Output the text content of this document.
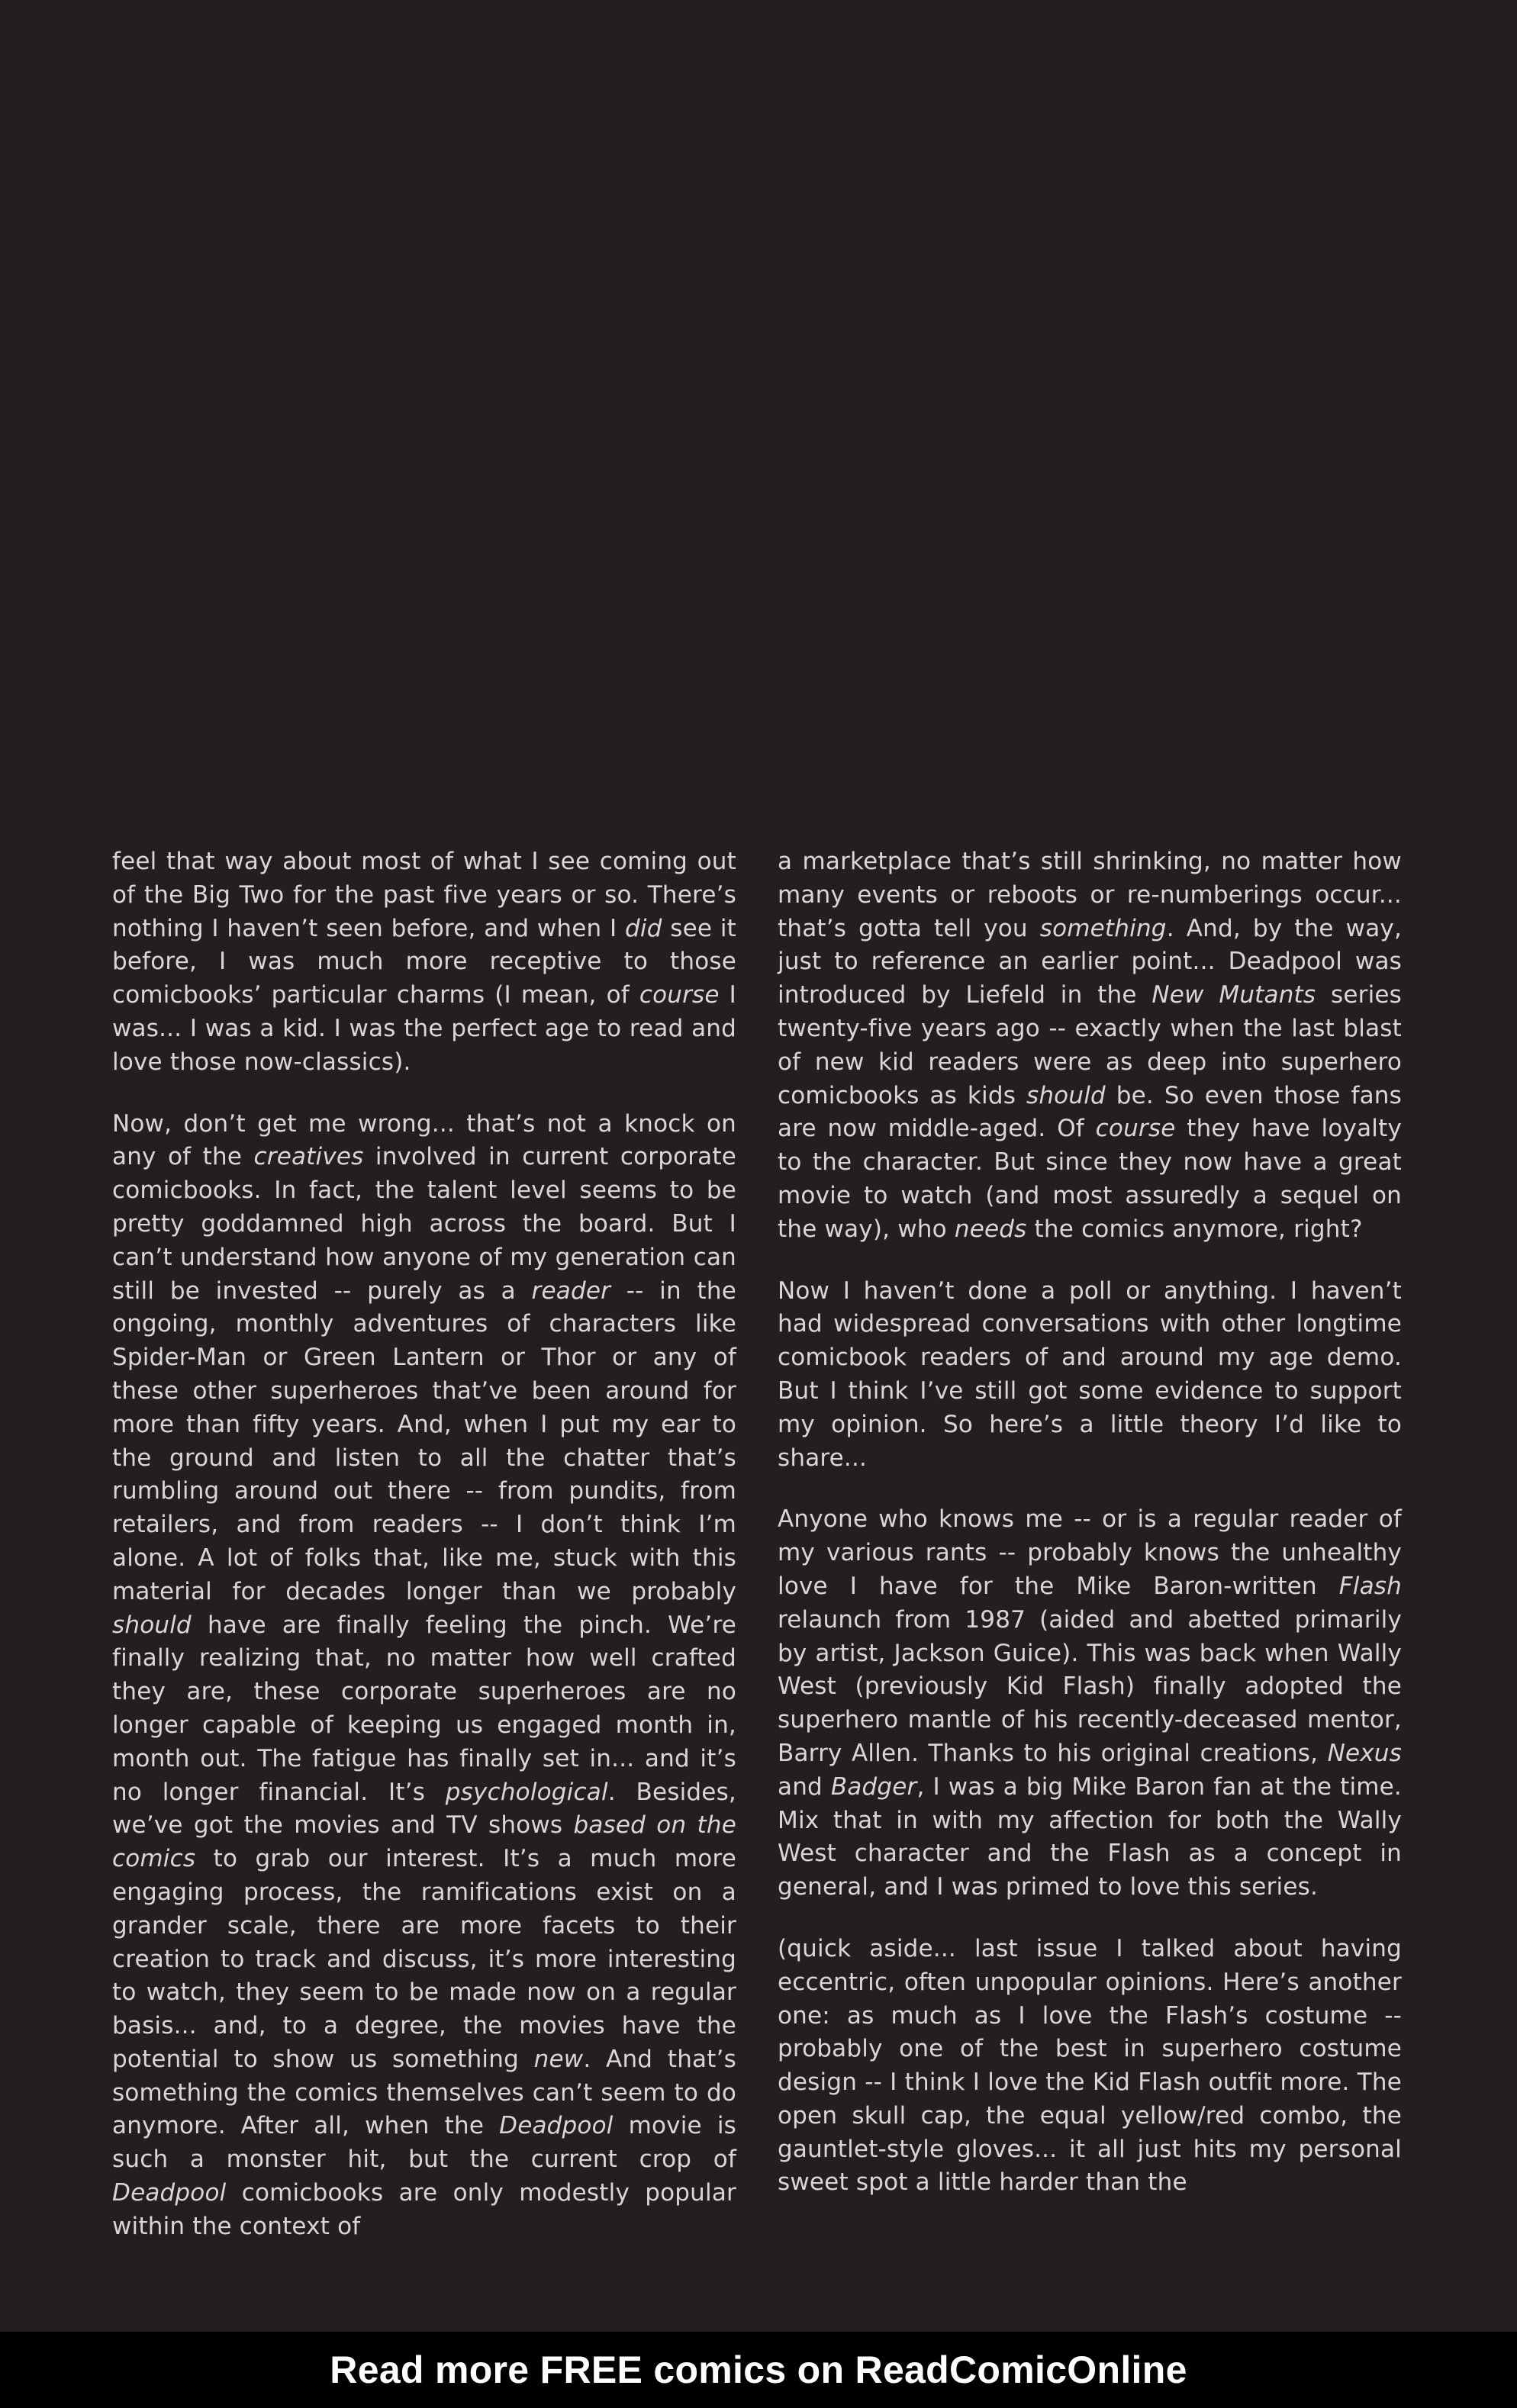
feel that way about most of what I see coming out of the Big Two for the past five years or so. There’s nothing I haven’t seen before, and when I did see it before, I was much more receptive to those comicbooks’ particular charms (I mean, of course I was... I was a kid. I was the perfect age to read and love those now-classics).

Now, don’t get me wrong... that’s not a knock on any of the creatives involved in current corporate comicbooks. In fact, the talent level seems to be pretty goddamned high across the board. But I can’t understand how anyone of my generation can still be invested -- purely as a reader -- in the ongoing, monthly adventures of characters like Spider-Man or Green Lantern or Thor or any of these other superheroes that’ve been around for more than fifty years. And, when I put my ear to the ground and listen to all the chatter that’s rumbling around out there -- from pundits, from retailers, and from readers -- I don’t think I’m alone. A lot of folks that, like me, stuck with this material for decades longer than we probably should have are finally feeling the pinch. We’re finally realizing that, no matter how well crafted they are, these corporate superheroes are no longer capable of keeping us engaged month in, month out. The fatigue has finally set in... and it’s no longer financial. It’s psychological. Besides, we’ve got the movies and TV shows based on the comics to grab our interest. It’s a much more engaging process, the ramifications exist on a grander scale, there are more facets to their creation to track and discuss, it’s more interesting to watch, they seem to be made now on a regular basis... and, to a degree, the movies have the potential to show us something new. And that’s something the comics themselves can’t seem to do anymore. After all, when the Deadpool movie is such a monster hit, but the current crop of Deadpool comicbooks are only modestly popular within the context of

a marketplace that’s still shrinking, no matter how many events or reboots or re-numberings occur... that’s gotta tell you something. And, by the way, just to reference an earlier point... Deadpool was introduced by Liefeld in the New Mutants series twenty-five years ago -- exactly when the last blast of new kid readers were as deep into superhero comicbooks as kids should be. So even those fans are now middle-aged. Of course they have loyalty to the character. But since they now have a great movie to watch (and most assuredly a sequel on the way), who needs the comics anymore, right?

Now I haven’t done a poll or anything. I haven’t had widespread conversations with other longtime comicbook readers of and around my age demo. But I think I’ve still got some evidence to support my opinion. So here’s a little theory I’d like to share...

Anyone who knows me -- or is a regular reader of my various rants -- probably knows the unhealthy love I have for the Mike Baron-written Flash relaunch from 1987 (aided and abetted primarily by artist, Jackson Guice). This was back when Wally West (previously Kid Flash) finally adopted the superhero mantle of his recently-deceased mentor, Barry Allen. Thanks to his original creations, Nexus and Badger, I was a big Mike Baron fan at the time. Mix that in with my affection for both the Wally West character and the Flash as a concept in general, and I was primed to love this series.

(quick aside... last issue I talked about having eccentric, often unpopular opinions. Here’s another one: as much as I love the Flash’s costume -- probably one of the best in superhero costume design -- I think I love the Kid Flash outfit more. The open skull cap, the equal yellow/red combo, the gauntlet-style gloves... it all just hits my personal sweet spot a little harder than the

Read more FREE comics on ReadComicOnline
